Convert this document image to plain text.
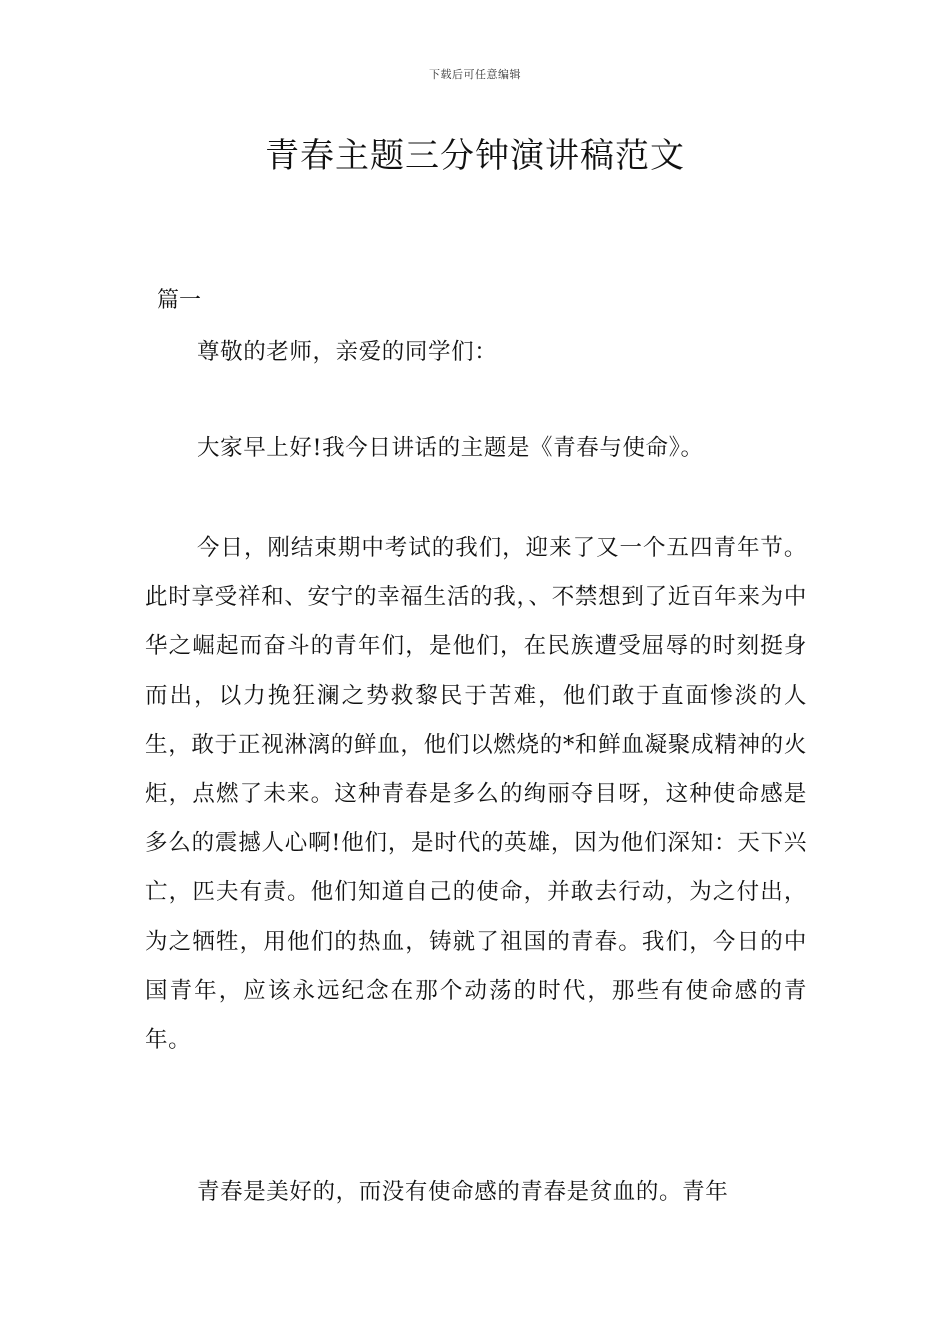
下载后可任意编辑
青春主题三分钟演讲稿范文

篇一

尊敬的老师，亲爱的同学们：

大家早上好!我今日讲话的主题是《青春与使命》。

今日，刚结束期中考试的我们，迎来了又一个五四青年节。此时享受祥和、安宁的幸福生活的我，、不禁想到了近百年来为中华之崛起而奋斗的青年们，是他们，在民族遭受屈辱的时刻挺身而出，以力挽狂澜之势救黎民于苦难，他们敢于直面惨淡的人生，敢于正视淋漓的鲜血，他们以燃烧的*和鲜血凝聚成精神的火炬，点燃了未来。这种青春是多么的绚丽夺目呀，这种使命感是多么的震撼人心啊!他们，是时代的英雄，因为他们深知：天下兴亡，匹夫有责。他们知道自己的使命，并敢去行动，为之付出，为之牺牲，用他们的热血，铸就了祖国的青春。我们，今日的中国青年，应该永远纪念在那个动荡的时代，那些有使命感的青年。

青春是美好的，而没有使命感的青春是贫血的。青年
